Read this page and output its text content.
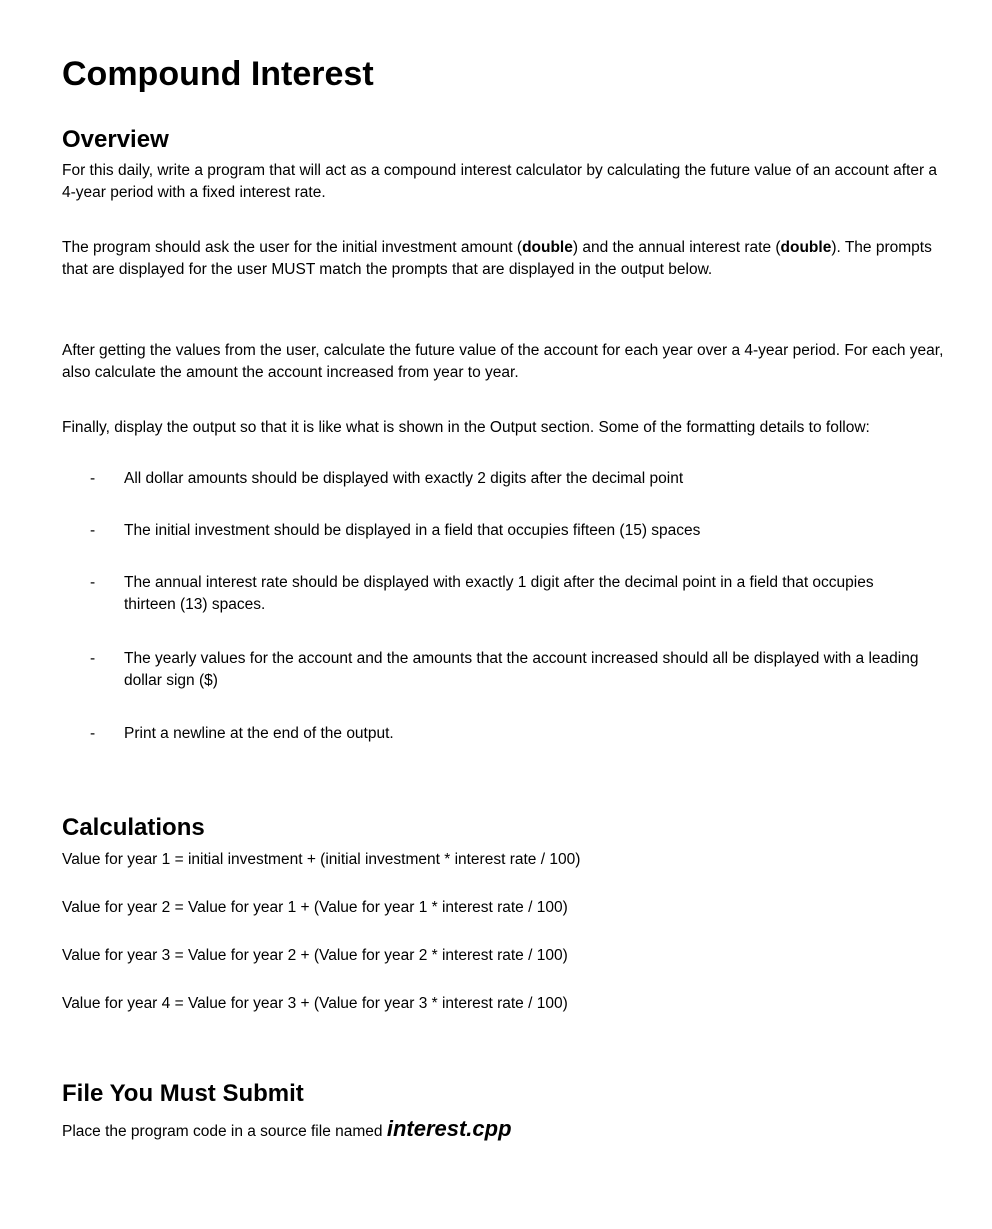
Compound Interest
Overview

For this daily, write a program that will act as a compound interest calculator by calculating the future value of an account after a 4-year period with a fixed interest rate.

The program should ask the user for the initial investment amount (double) and the annual interest rate (double). The prompts that are displayed for the user MUST match the prompts that are displayed in the output below.

After getting the values from the user, calculate the future value of the account for each year over a 4-year period. For each year, also calculate the amount the account increased from year to year.

Finally, display the output so that it is like what is shown in the Output section. Some of the formatting details to follow:

- All dollar amounts should be displayed with exactly 2 digits after the decimal point
- The initial investment should be displayed in a field that occupies fifteen (15) spaces
- The annual interest rate should be displayed with exactly 1 digit after the decimal point in a field that occupies thirteen (13) spaces.
- The yearly values for the account and the amounts that the account increased should all be displayed with a leading dollar sign ($)
- Print a newline at the end of the output.
Calculations
Value for year 1 = initial investment + (initial investment * interest rate / 100)
Value for year 2 = Value for year 1 + (Value for year 1 * interest rate / 100)
Value for year 3 = Value for year 2 + (Value for year 2 * interest rate / 100)
Value for year 4 = Value for year 3 + (Value for year 3 * interest rate / 100)
File You Must Submit
Place the program code in a source file named interest.cpp
